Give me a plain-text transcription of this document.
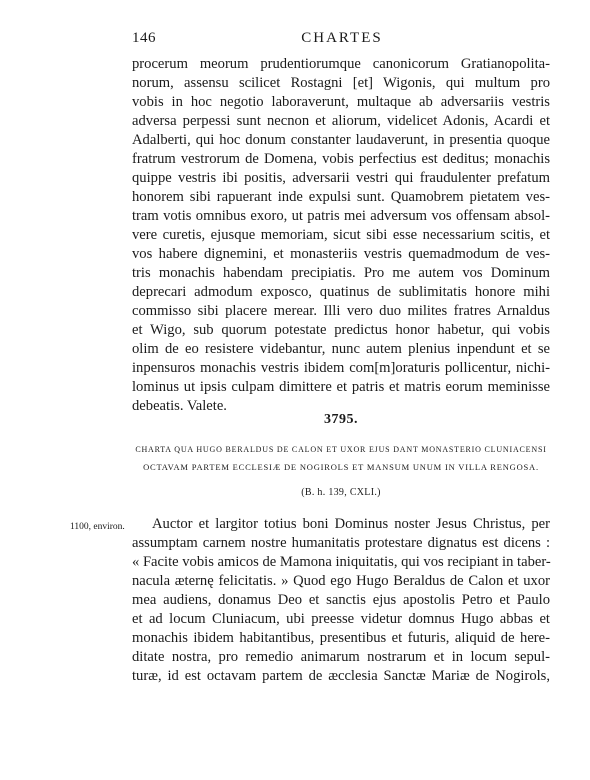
146	CHARTES
procerum meorum prudentiorumque canonicorum Gratianopolita-
norum, assensu scilicet Rostagni [et] Wigonis, qui multum pro
vobis in hoc negotio laboraverunt, multaque ab adversariis vestris
adversa perpessi sunt necnon et aliorum, videlicet Adonis, Acardi et
Adalberti, qui hoc donum constanter laudaverunt, in presentia quoque
fratrum vestrorum de Domena, vobis perfectius est deditus; monachis
quippe vestris ibi positis, adversarii vestri qui fraudulenter prefatum
honorem sibi rapuerant inde expulsi sunt. Quamobrem pietatem ves-
tram votis omnibus exoro, ut patris mei adversum vos offensam absol-
vere curetis, ejusque memoriam, sicut sibi esse necessarium scitis, et
vos habere dignemini, et monasteriis vestris quemadmodum de ves-
tris monachis habendam precipiatis. Pro me autem vos Dominum
deprecari admodum exposco, quatinus de sublimitatis honore mihi
commisso sibi placere merear. Illi vero duo milites fratres Arnaldus
et Wigo, sub quorum potestate predictus honor habetur, qui vobis
olim de eo resistere videbantur, nunc autem plenius inpendunt et se
inpensuros monachis vestris ibidem com[m]oraturis pollicentur, nichi-
lominus ut ipsis culpam dimittere et patris et matris eorum meminisse
debeatis. Valete.
3795.
CHARTA QUA HUGO BERALDUS DE CALON ET UXOR EJUS DANT MONASTERIO CLUNIACENSI
OCTAVAM PARTEM ECCLESIÆ DE NOGIROLS ET MANSUM UNUM IN VILLA RENGOSA.
(B. h. 139, CXLI.)
1100, environ. Auctor et largitor totius boni Dominus noster Jesus Christus, per
assumptam carnem nostre humanitatis protestare dignatus est dicens :
« Facite vobis amicos de Mamona iniquitatis, qui vos recipiant in taber-
nacula æternę felicitatis. » Quod ego Hugo Beraldus de Calon et uxor
mea audiens, donamus Deo et sanctis ejus apostolis Petro et Paulo
et ad locum Cluniacum, ubi preesse videtur domnus Hugo abbas et
monachis ibidem habitantibus, presentibus et futuris, aliquid de here-
ditate nostra, pro remedio animarum nostrarum et in locum sepul-
turæ, id est octavam partem de æcclesia Sanctæ Mariæ de Nogirols,
